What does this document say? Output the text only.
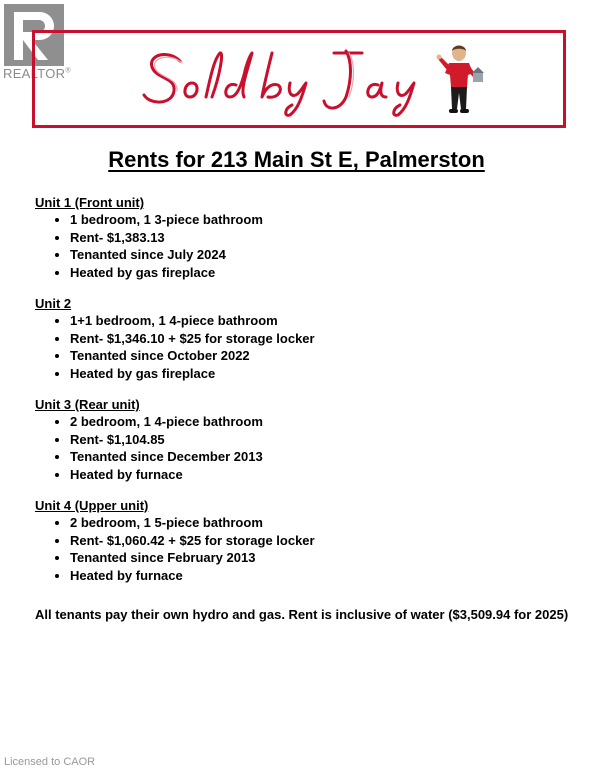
REALTOR®
Rents for 213 Main St E, Palmerston
Unit 1 (Front unit)
1 bedroom, 1 3-piece bathroom
Rent- $1,383.13
Tenanted since July 2024
Heated by gas fireplace
Unit 2
1+1 bedroom, 1 4-piece bathroom
Rent- $1,346.10 + $25 for storage locker
Tenanted since October 2022
Heated by gas fireplace
Unit 3 (Rear unit)
2 bedroom, 1 4-piece bathroom
Rent- $1,104.85
Tenanted since December 2013
Heated by furnace
Unit 4 (Upper unit)
2 bedroom, 1 5-piece bathroom
Rent- $1,060.42 + $25 for storage locker
Tenanted since February 2013
Heated by furnace
All tenants pay their own hydro and gas. Rent is inclusive of water ($3,509.94 for 2025)
Licensed to CAOR
